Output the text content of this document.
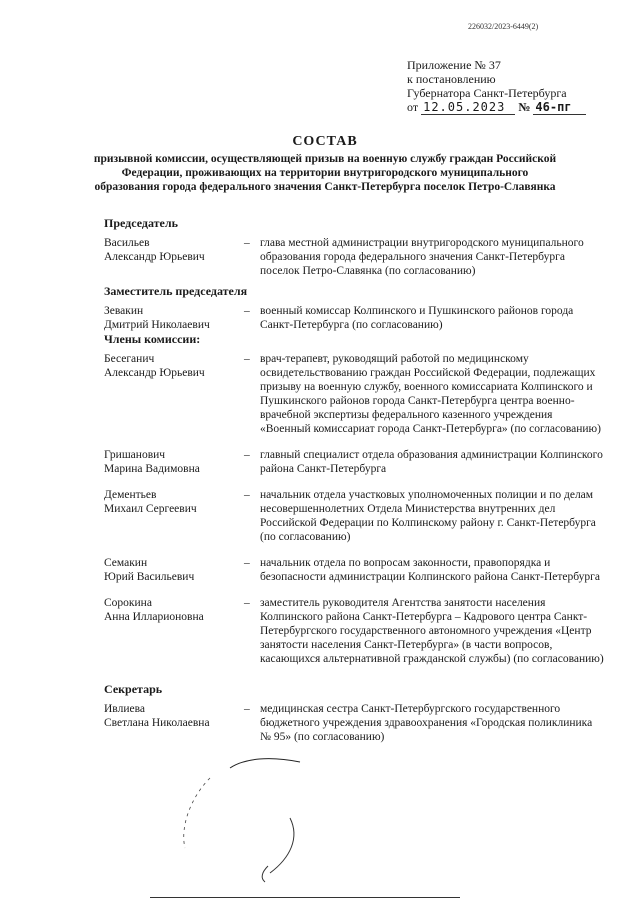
226032/2023-6449(2)
Приложение № 37
к постановлению
Губернатора Санкт-Петербурга
от 12.05.2023 № 46-пг
СОСТАВ
призывной комиссии, осуществляющей призыв на военную службу граждан Российской Федерации, проживающих на территории внутригородского муниципального образования города федерального значения Санкт-Петербурга поселок Петро-Славянка
Председатель
Васильев
Александр Юрьевич
– глава местной администрации внутригородского муниципального образования города федерального значения Санкт-Петербурга поселок Петро-Славянка (по согласованию)
Заместитель председателя
Зевакин
Дмитрий Николаевич
– военный комиссар Колпинского и Пушкинского районов города Санкт-Петербурга (по согласованию)
Члены комиссии:
Бесеганич
Александр Юрьевич
– врач-терапевт, руководящий работой по медицинскому освидетельствованию граждан Российской Федерации, подлежащих призыву на военную службу, военного комиссариата Колпинского и Пушкинского районов города Санкт-Петербурга центра военно-врачебной экспертизы федерального казенного учреждения «Военный комиссариат города Санкт-Петербурга» (по согласованию)
Гришанович
Марина Вадимовна
– главный специалист отдела образования администрации Колпинского района Санкт-Петербурга
Дементьев
Михаил Сергеевич
– начальник отдела участковых уполномоченных полиции и по делам несовершеннолетних Отдела Министерства внутренних дел Российской Федерации по Колпинскому району г. Санкт-Петербурга (по согласованию)
Семакин
Юрий Васильевич
– начальник отдела по вопросам законности, правопорядка и безопасности администрации Колпинского района Санкт-Петербурга
Сорокина
Анна Илларионовна
– заместитель руководителя Агентства занятости населения Колпинского района Санкт-Петербурга – Кадрового центра Санкт-Петербургского государственного автономного учреждения «Центр занятости населения Санкт-Петербурга» (в части вопросов, касающихся альтернативной гражданской службы) (по согласованию)
Секретарь
Ивлиева
Светлана Николаевна
– медицинская сестра Санкт-Петербургского государственного бюджетного учреждения здравоохранения «Городская поликлиника № 95» (по согласованию)
